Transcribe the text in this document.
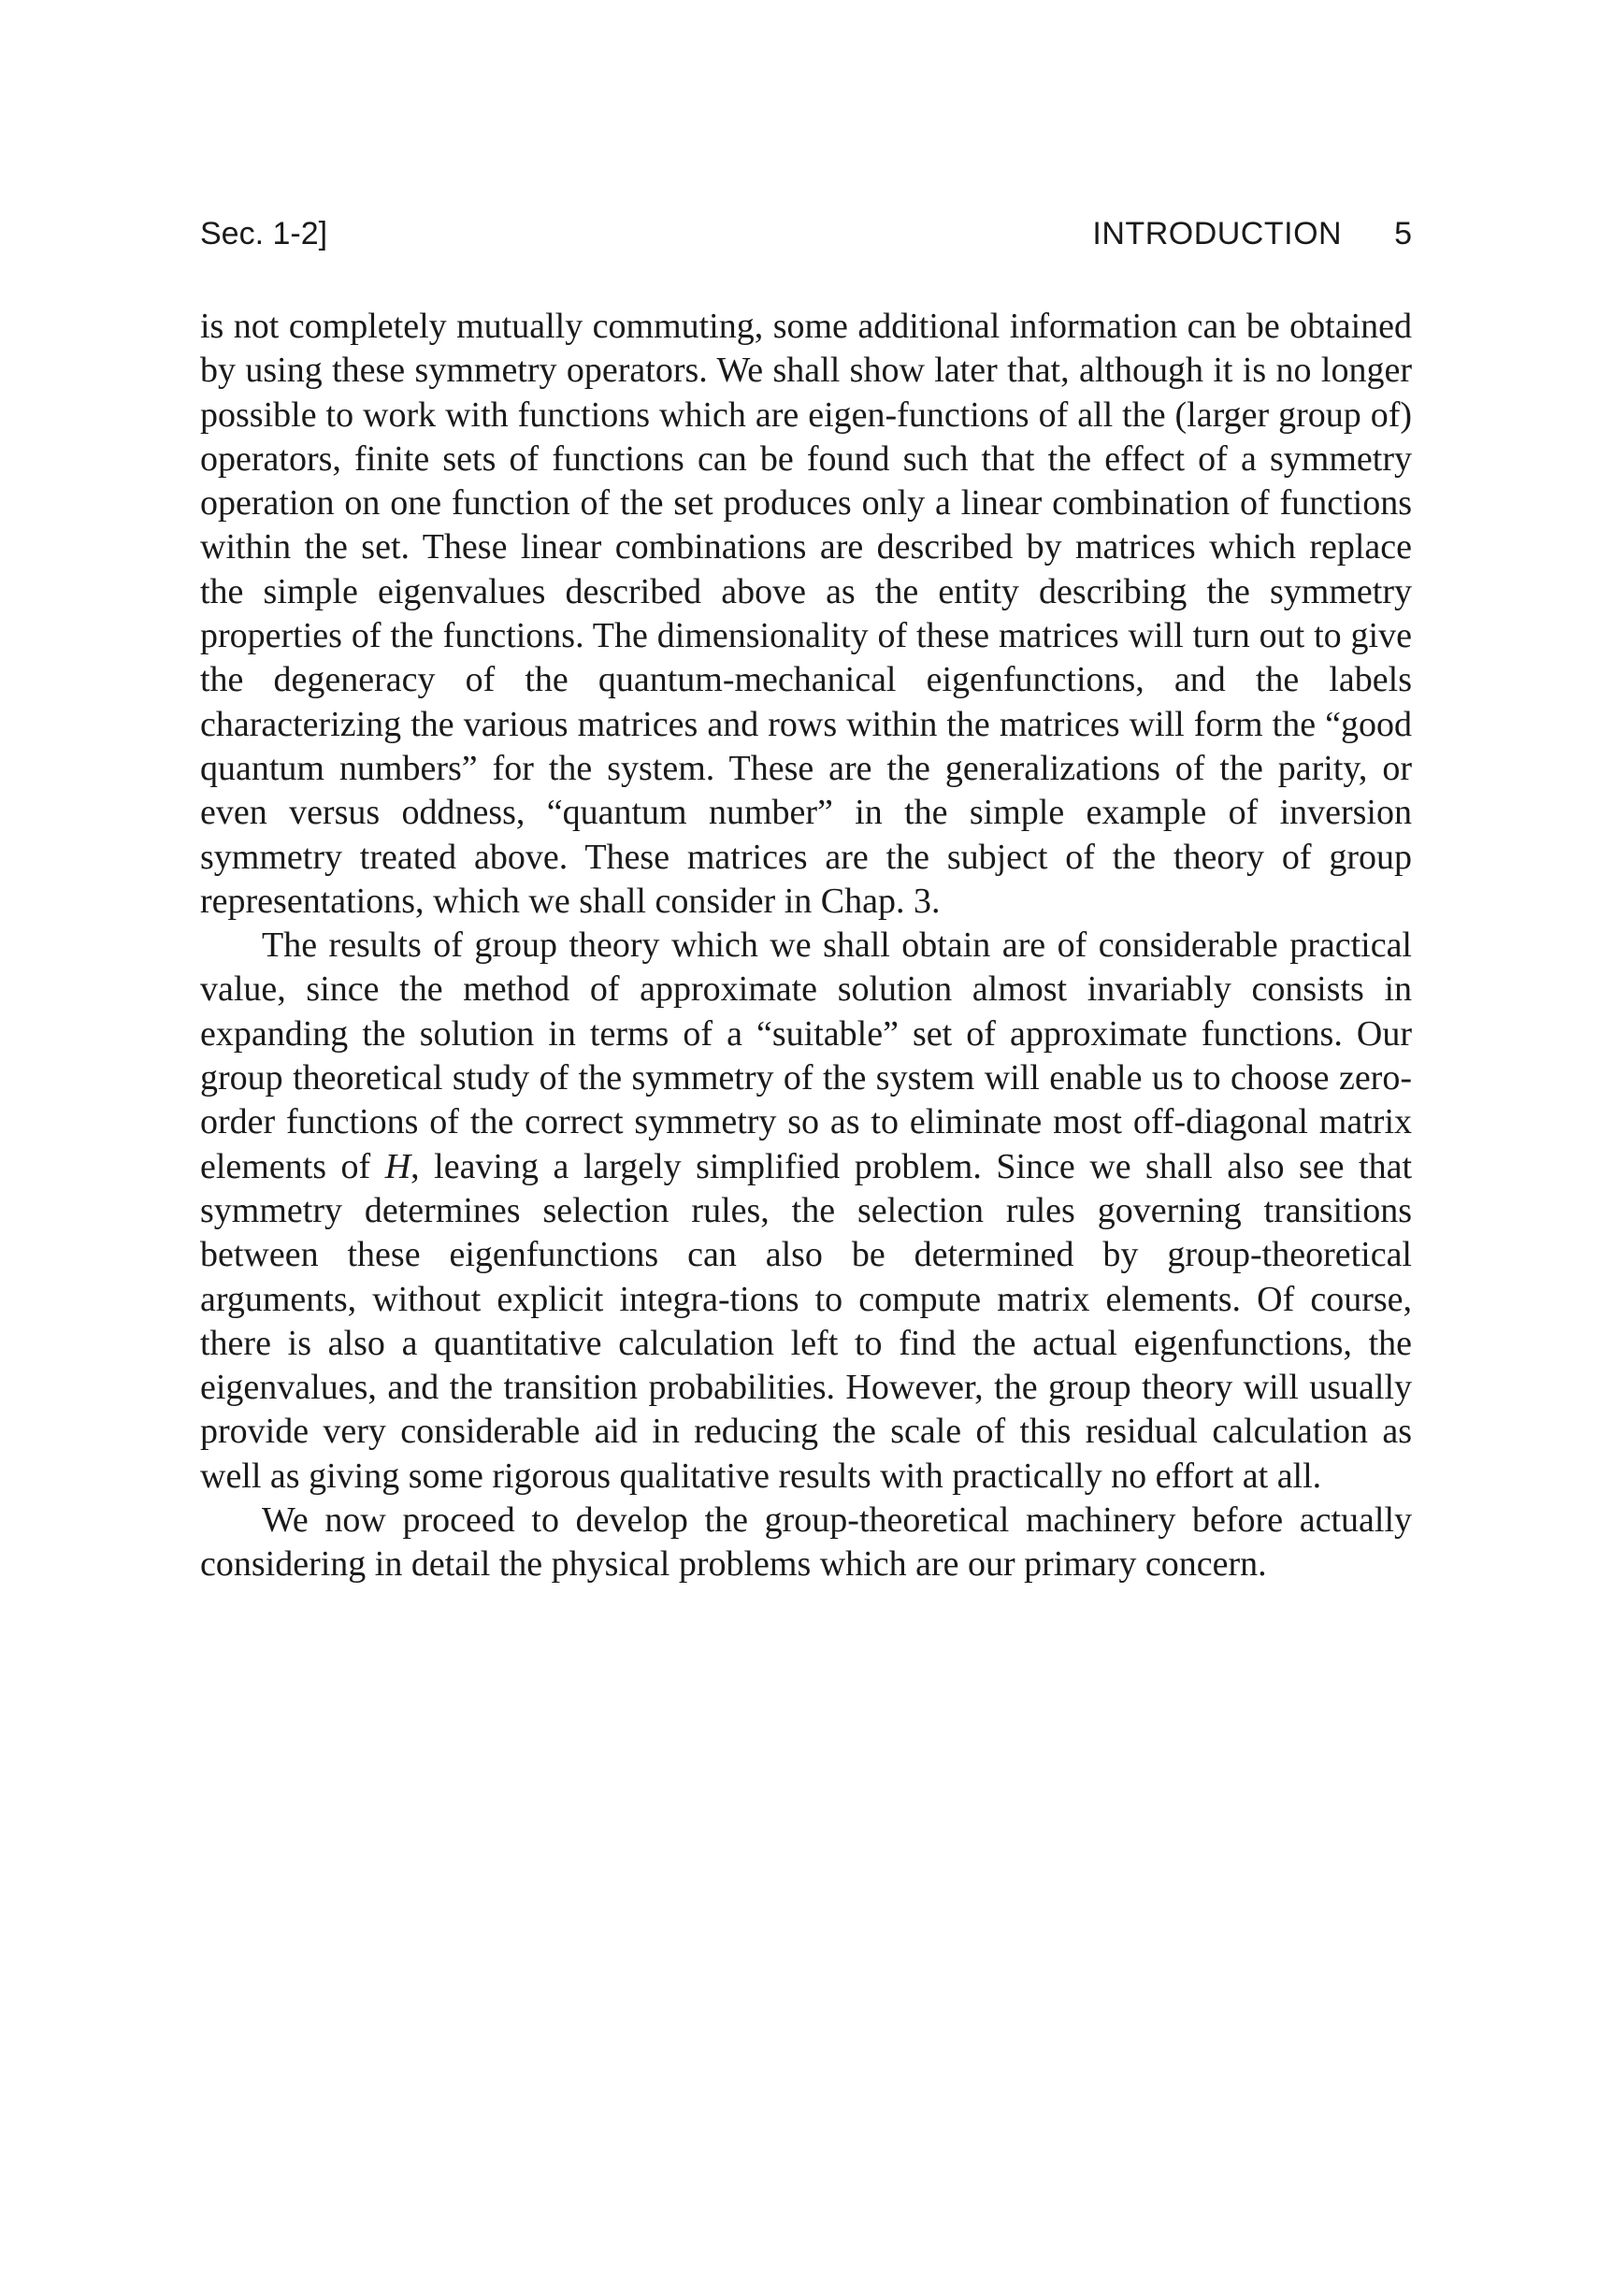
Sec. 1-2]	INTRODUCTION 5

is not completely mutually commuting, some additional information can be obtained by using these symmetry operators. We shall show later that, although it is no longer possible to work with functions which are eigen-functions of all the (larger group of) operators, finite sets of functions can be found such that the effect of a symmetry operation on one function of the set produces only a linear combination of functions within the set. These linear combinations are described by matrices which replace the simple eigenvalues described above as the entity describing the symmetry properties of the functions. The dimensionality of these matrices will turn out to give the degeneracy of the quantum-mechanical eigenfunctions, and the labels characterizing the various matrices and rows within the matrices will form the “good quantum numbers” for the system. These are the generalizations of the parity, or even versus oddness, “quantum number” in the simple example of inversion symmetry treated above. These matrices are the subject of the theory of group representations, which we shall consider in Chap. 3.

The results of group theory which we shall obtain are of considerable practical value, since the method of approximate solution almost invariably consists in expanding the solution in terms of a “suitable” set of approximate functions. Our group theoretical study of the symmetry of the system will enable us to choose zero-order functions of the correct symmetry so as to eliminate most off-diagonal matrix elements of H, leaving a largely simplified problem. Since we shall also see that symmetry determines selection rules, the selection rules governing transitions between these eigenfunctions can also be determined by group-theoretical arguments, without explicit integra-tions to compute matrix elements. Of course, there is also a quantitative calculation left to find the actual eigenfunctions, the eigenvalues, and the transition probabilities. However, the group theory will usually provide very considerable aid in reducing the scale of this residual calculation as well as giving some rigorous qualitative results with practically no effort at all.

We now proceed to develop the group-theoretical machinery before actually considering in detail the physical problems which are our primary concern.
